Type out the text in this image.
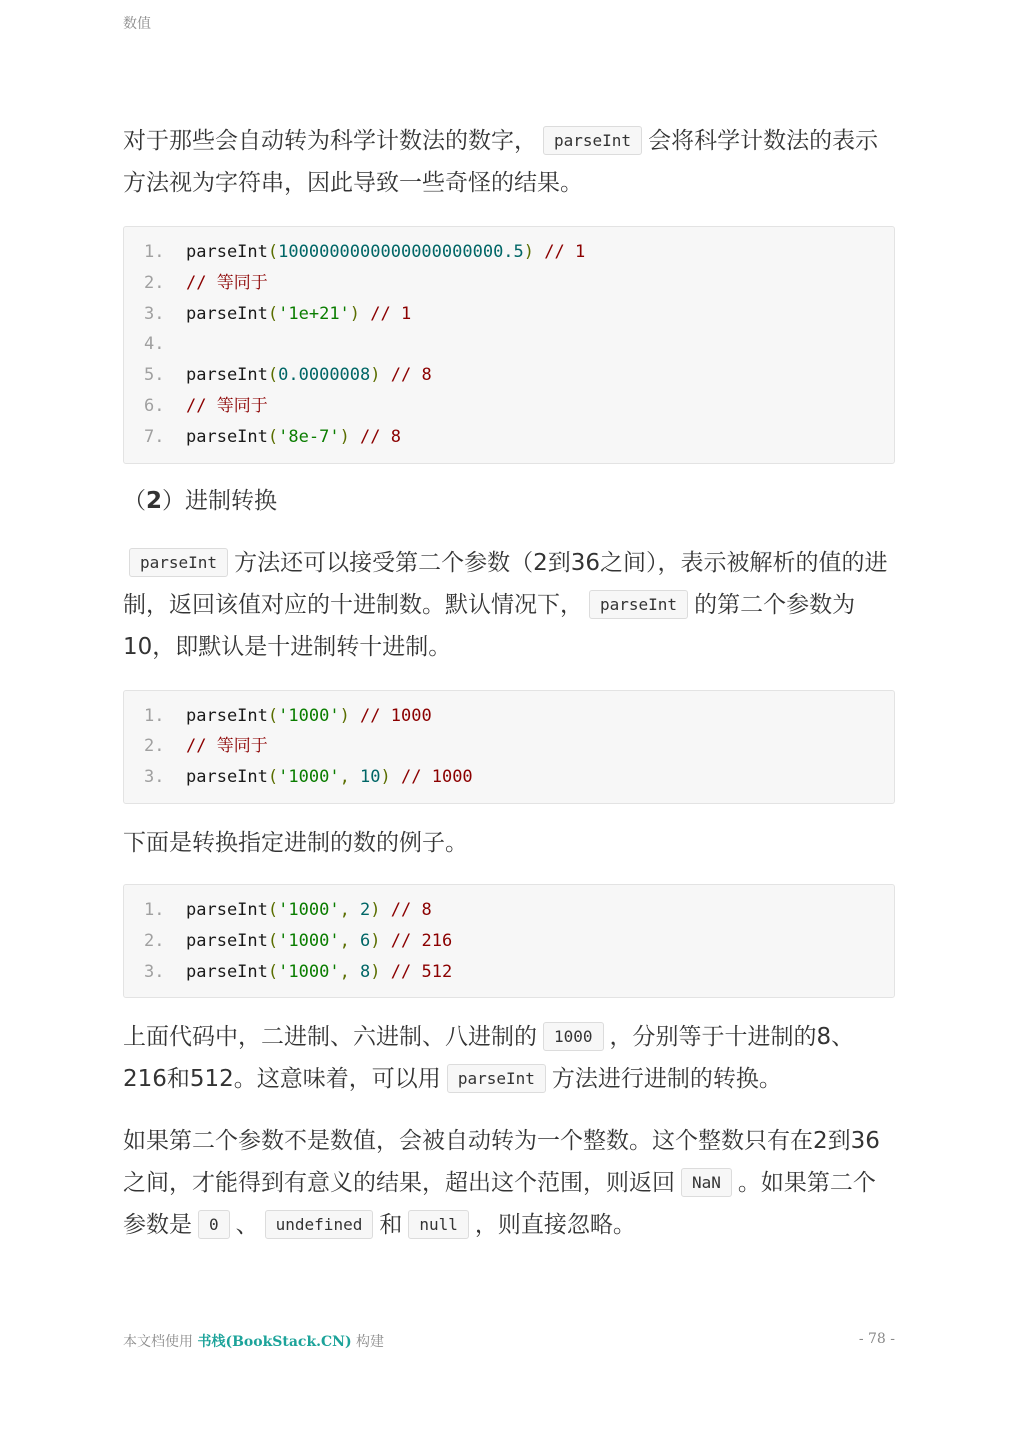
数值

对于那些会自动转为科学计数法的数字， parseInt 会将科学计数法的表示方法视为字符串，因此导致一些奇怪的结果。

1. parseInt(1000000000000000000000.5) // 1
2. // 等同于
3. parseInt('1e+21') // 1
4.
5. parseInt(0.0000008) // 8
6. // 等同于
7. parseInt('8e-7') // 8
（2）进制转换

parseInt 方法还可以接受第二个参数（2到36之间），表示被解析的值的进制，返回该值对应的十进制数。默认情况下， parseInt 的第二个参数为10，即默认是十进制转十进制。

1. parseInt('1000') // 1000
2. // 等同于
3. parseInt('1000', 10) // 1000

下面是转换指定进制的数的例子。

1. parseInt('1000', 2) // 8
2. parseInt('1000', 6) // 216
3. parseInt('1000', 8) // 512

上面代码中，二进制、六进制、八进制的 1000 ，分别等于十进制的8、216和512。这意味着，可以用 parseInt 方法进行进制的转换。

如果第二个参数不是数值，会被自动转为一个整数。这个整数只有在2到36之间，才能得到有意义的结果，超出这个范围，则返回 NaN 。如果第二个参数是 0 、 undefined 和 null ，则直接忽略。

本文档使用 书栈(BookStack.CN) 构建	- 78 -
